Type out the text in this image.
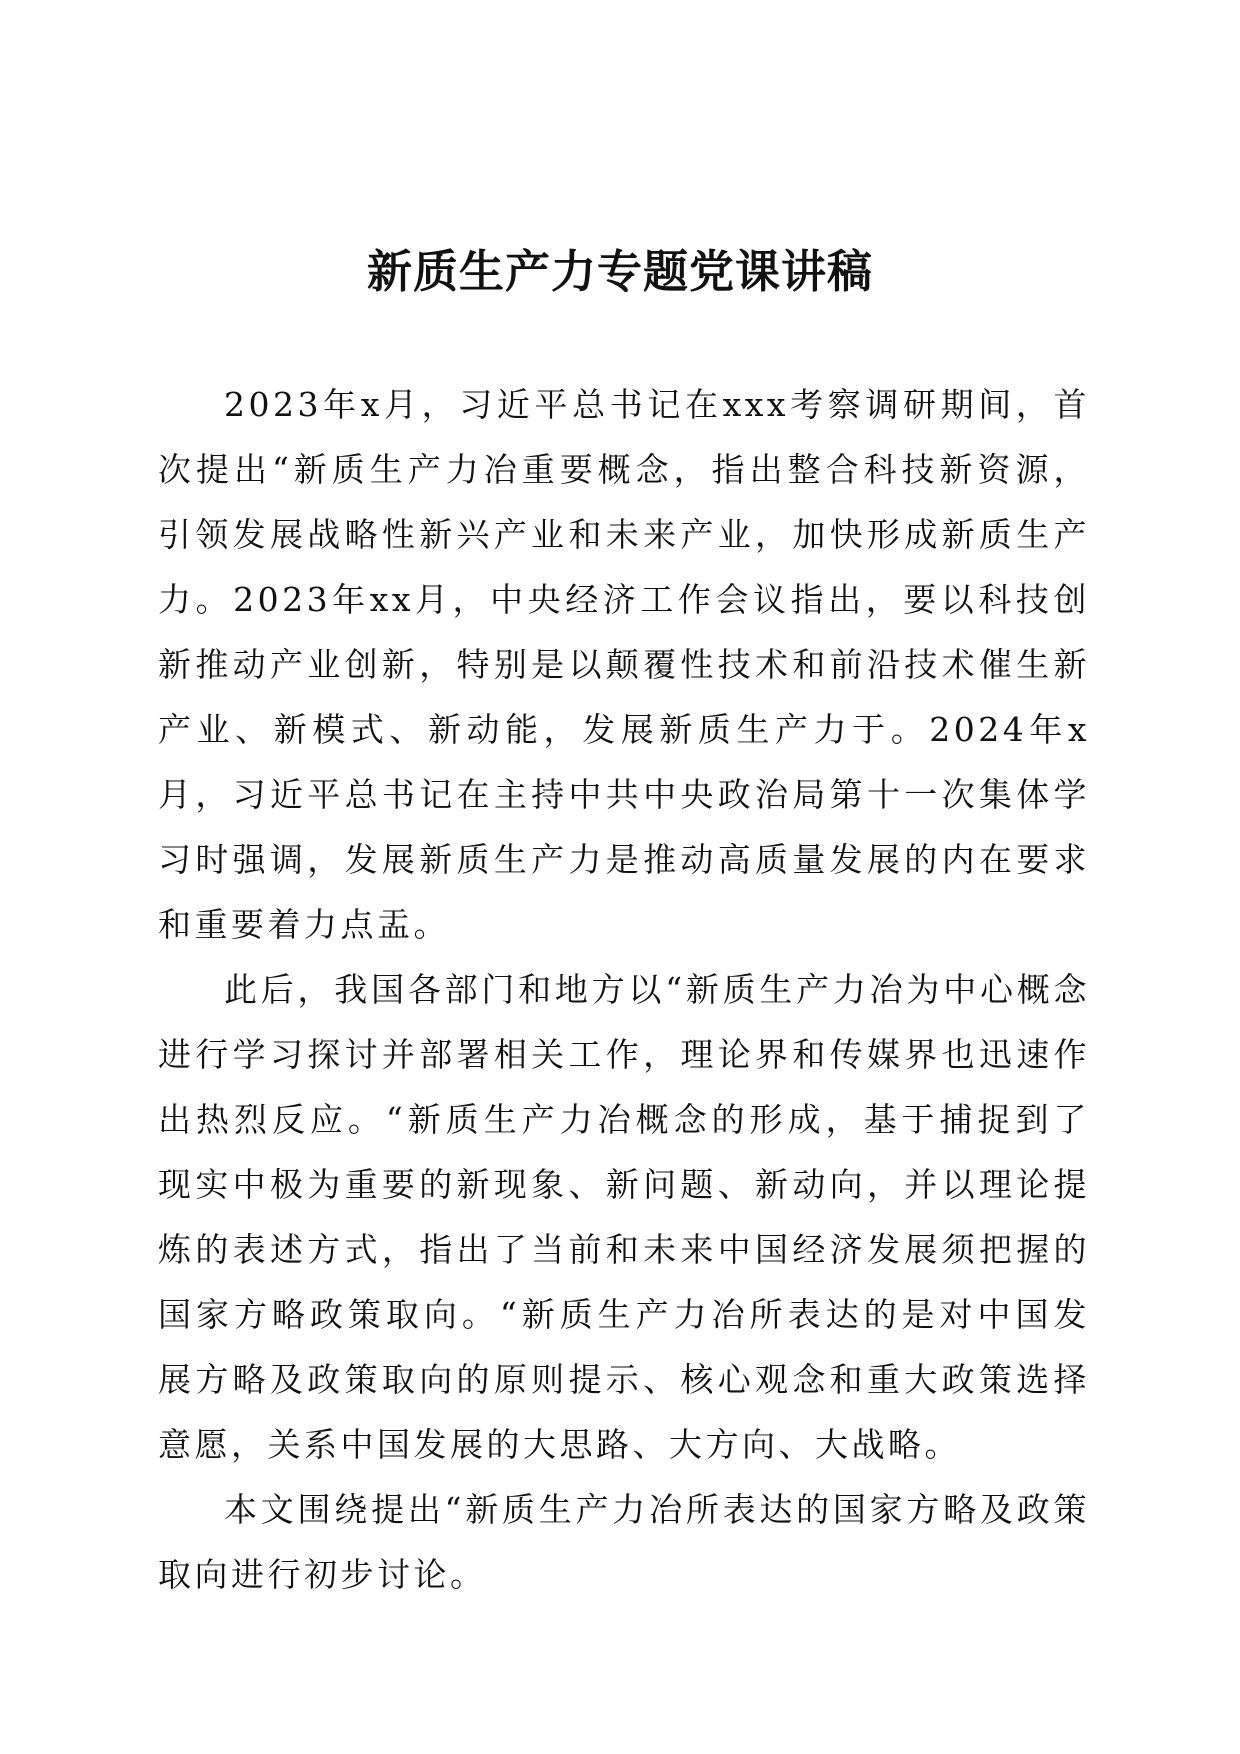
新质生产力专题党课讲稿

2023年x月，习近平总书记在xxx考察调研期间，首次提出“新质生产力冶重要概念，指出整合科技新资源，引领发展战略性新兴产业和未来产业，加快形成新质生产力。2023年xx月，中央经济工作会议指出，要以科技创新推动产业创新，特别是以颠覆性技术和前沿技术催生新产业、新模式、新动能，发展新质生产力于。2024年x月，习近平总书记在主持中共中央政治局第十一次集体学习时强调，发展新质生产力是推动高质量发展的内在要求和重要着力点盂。

此后，我国各部门和地方以“新质生产力冶为中心概念进行学习探讨并部署相关工作，理论界和传媒界也迅速作出热烈反应。“新质生产力冶概念的形成，基于捕捉到了现实中极为重要的新现象、新问题、新动向，并以理论提炼的表述方式，指出了当前和未来中国经济发展须把握的国家方略政策取向。“新质生产力冶所表达的是对中国发展方略及政策取向的原则提示、核心观念和重大政策选择意愿，关系中国发展的大思路、大方向、大战略。

本文围绕提出“新质生产力冶所表达的国家方略及政策取向进行初步讨论。
